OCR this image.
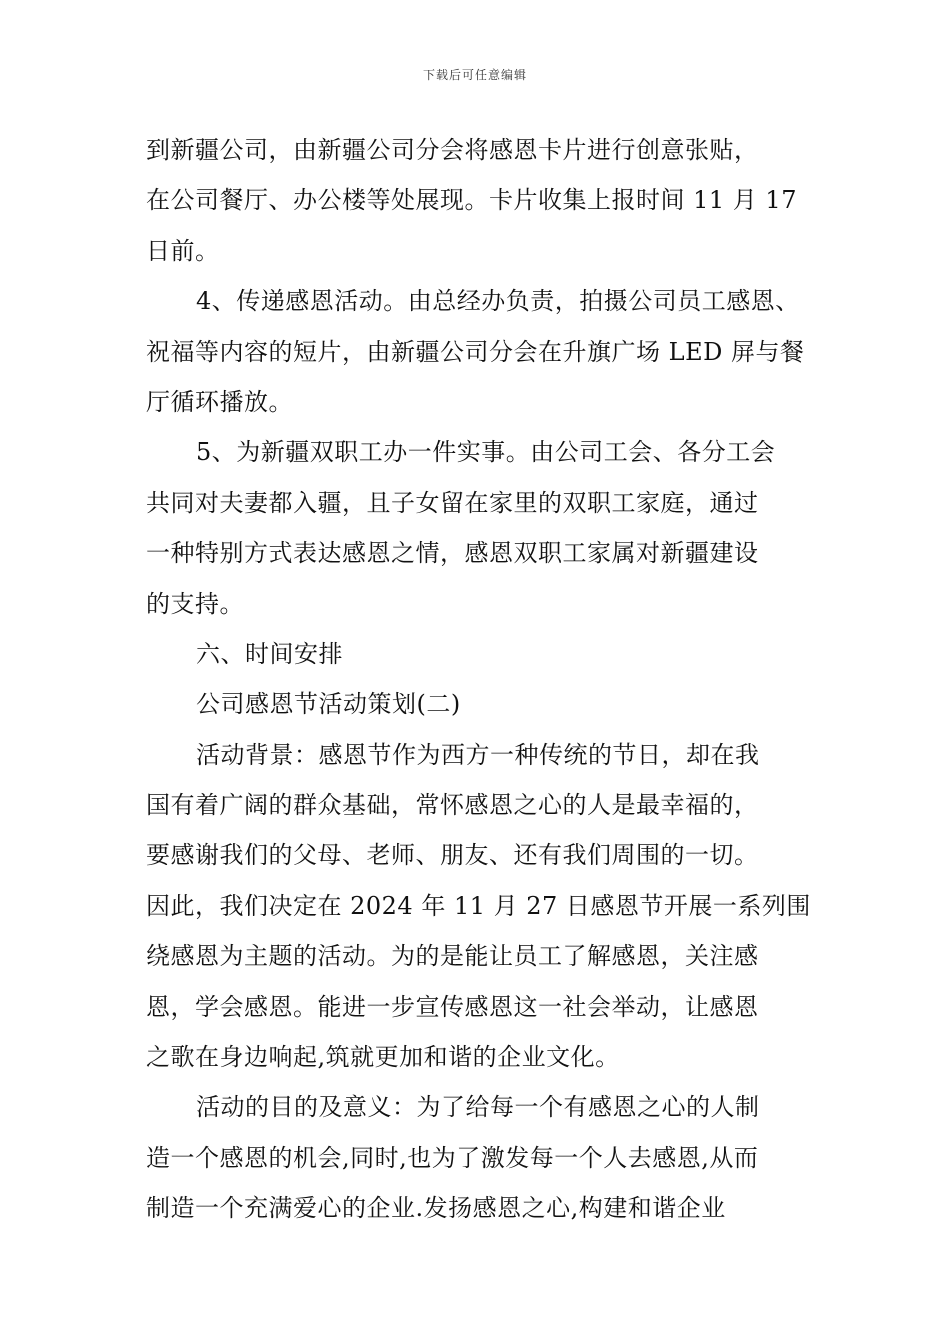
下载后可任意编辑
到新疆公司，由新疆公司分会将感恩卡片进行创意张贴，
在公司餐厅、办公楼等处展现。卡片收集上报时间 11 月 17
日前。
4、传递感恩活动。由总经办负责，拍摄公司员工感恩、
祝福等内容的短片，由新疆公司分会在升旗广场 LED 屏与餐
厅循环播放。
5、为新疆双职工办一件实事。由公司工会、各分工会
共同对夫妻都入疆，且子女留在家里的双职工家庭，通过
一种特别方式表达感恩之情，感恩双职工家属对新疆建设
的支持。
六、时间安排
公司感恩节活动策划(二)
活动背景：感恩节作为西方一种传统的节日，却在我
国有着广阔的群众基础，常怀感恩之心的人是最幸福的，
要感谢我们的父母、老师、朋友、还有我们周围的一切。
因此，我们决定在 2024 年 11 月 27 日感恩节开展一系列围
绕感恩为主题的活动。为的是能让员工了解感恩，关注感
恩，学会感恩。能进一步宣传感恩这一社会举动，让感恩
之歌在身边响起,筑就更加和谐的企业文化。
活动的目的及意义：为了给每一个有感恩之心的人制
造一个感恩的机会,同时,也为了激发每一个人去感恩,从而
制造一个充满爱心的企业.发扬感恩之心,构建和谐企业
